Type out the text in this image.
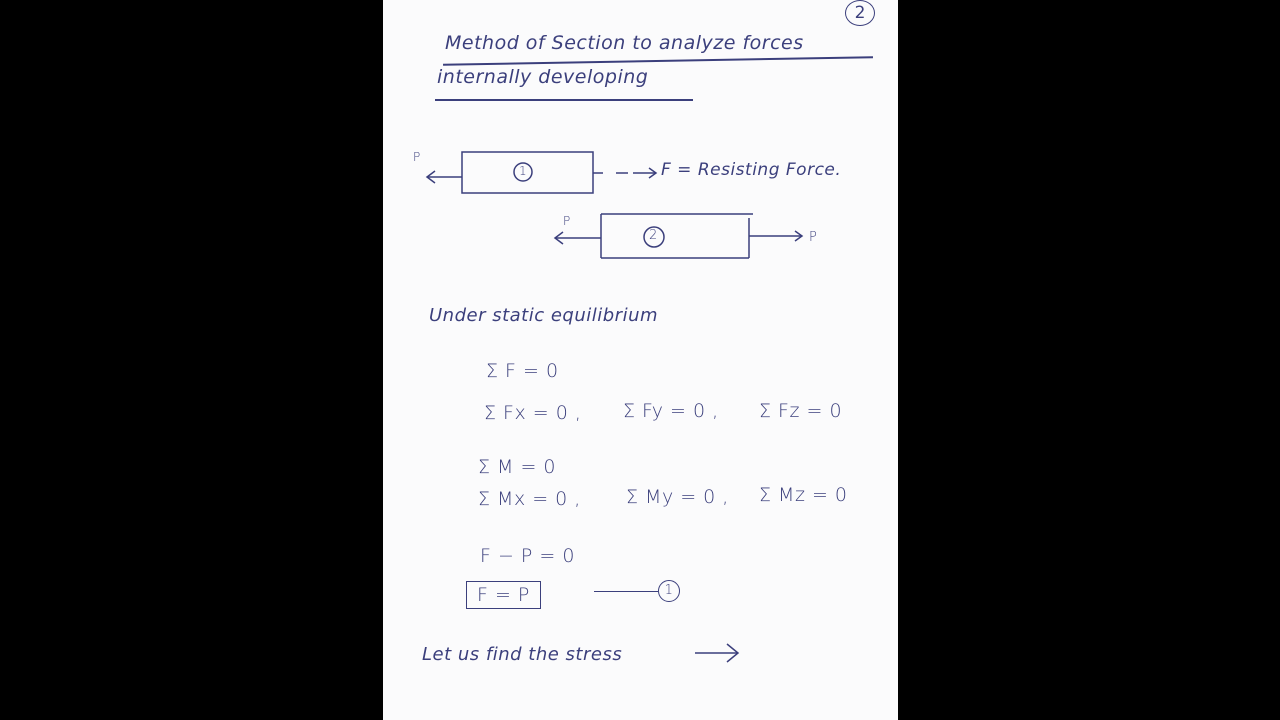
2
Method of Section to analyze forces
internally developing
P
1	F = Resisting Force.
P
2	P
Under static equilibrium
Σ F = 0
Σ Fx = 0 , Σ Fy = 0 , Σ Fz = 0
Σ M = 0
Σ Mx = 0 , Σ My = 0 , Σ Mz = 0
F − P = 0
F = P	1
Let us find the stress
